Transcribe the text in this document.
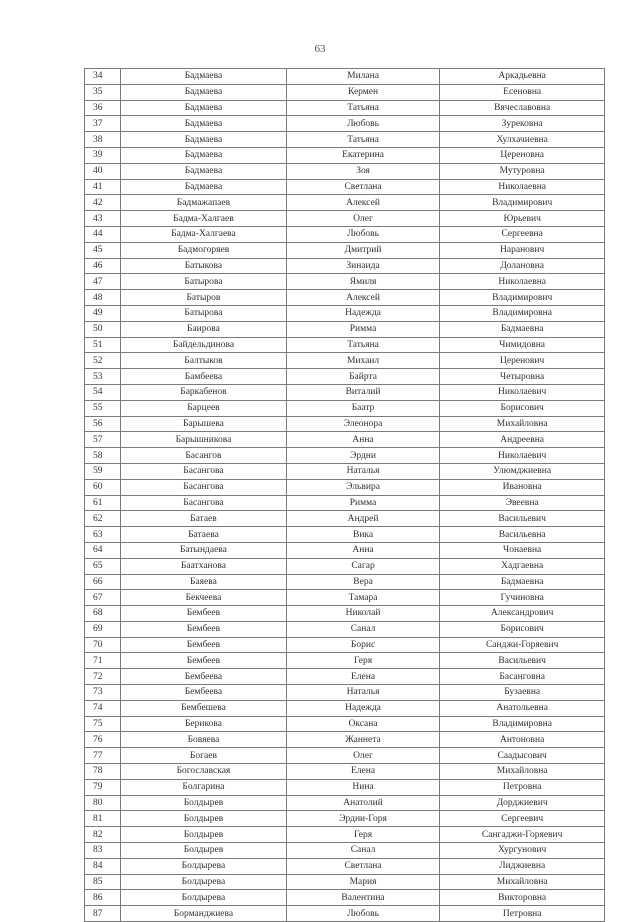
63
34	Бадмаева	Милана	Аркадьевна
35	Бадмаева	Кермен	Есеновна
36	Бадмаева	Татьяна	Вячеславовна
37	Бадмаева	Любовь	Зурековна
38	Бадмаева	Татьяна	Хулхачиевна
39	Бадмаева	Екатерина	Цереновна
40	Бадмаева	Зоя	Мутуровна
41	Бадмаева	Светлана	Николаевна
42	Бадмажапаев	Алексей	Владимирович
43	Бадма-Халгаев	Олег	Юрьевич
44	Бадма-Халгаева	Любовь	Сергеевна
45	Бадмогоряев	Дмитрий	Наранович
46	Батыкова	Зинаида	Долановна
47	Батырова	Ямиля	Николаевна
48	Батыров	Алексей	Владимирович
49	Батырова	Надежда	Владимировна
50	Баирова	Римма	Бадмаевна
51	Байдельдинова	Татьяна	Чимидовна
52	Балтыков	Михаил	Церенович
53	Бамбеева	Байрта	Четыровна
54	Баркабенов	Виталий	Николаевич
55	Барцеев	Баатр	Борисович
56	Барышева	Элеонора	Михайловна
57	Барышникова	Анна	Андреевна
58	Басангов	Эрдни	Николаевич
59	Басангова	Наталья	Улюмджиевна
60	Басангова	Эльвира	Ивановна
61	Басангова	Римма	Эвеевна
62	Батаев	Андрей	Васильевич
63	Батаева	Вика	Васильевна
64	Батындаева	Анна	Чонаевна
65	Баатханова	Сагар	Хадгаевна
66	Баяева	Вера	Бадмаевна
67	Бекчеева	Тамара	Гучиновна
68	Бембеев	Николай	Александрович
69	Бембеев	Санал	Борисович
70	Бембеев	Борис	Санджи-Горяевич
71	Бембеев	Геря	Васильевич
72	Бембеева	Елена	Басанговна
73	Бембеева	Наталья	Бузаевна
74	Бембешева	Надежда	Анатольевна
75	Берикова	Оксана	Владимировна
76	Бовяева	Жаннета	Антоновна
77	Богаев	Олег	Саадысович
78	Богославская	Елена	Михайловна
79	Болгарина	Нина	Петровна
80	Болдырев	Анатолий	Дорджиевич
81	Болдырев	Эрдни-Горя	Сергеевич
82	Болдырев	Геря	Сангаджи-Горяевич
83	Болдырев	Санал	Хургунович
84	Болдырева	Светлана	Лиджиевна
85	Болдырева	Мария	Михайловна
86	Болдырева	Валентина	Викторовна
87	Борманджиева	Любовь	Петровна
